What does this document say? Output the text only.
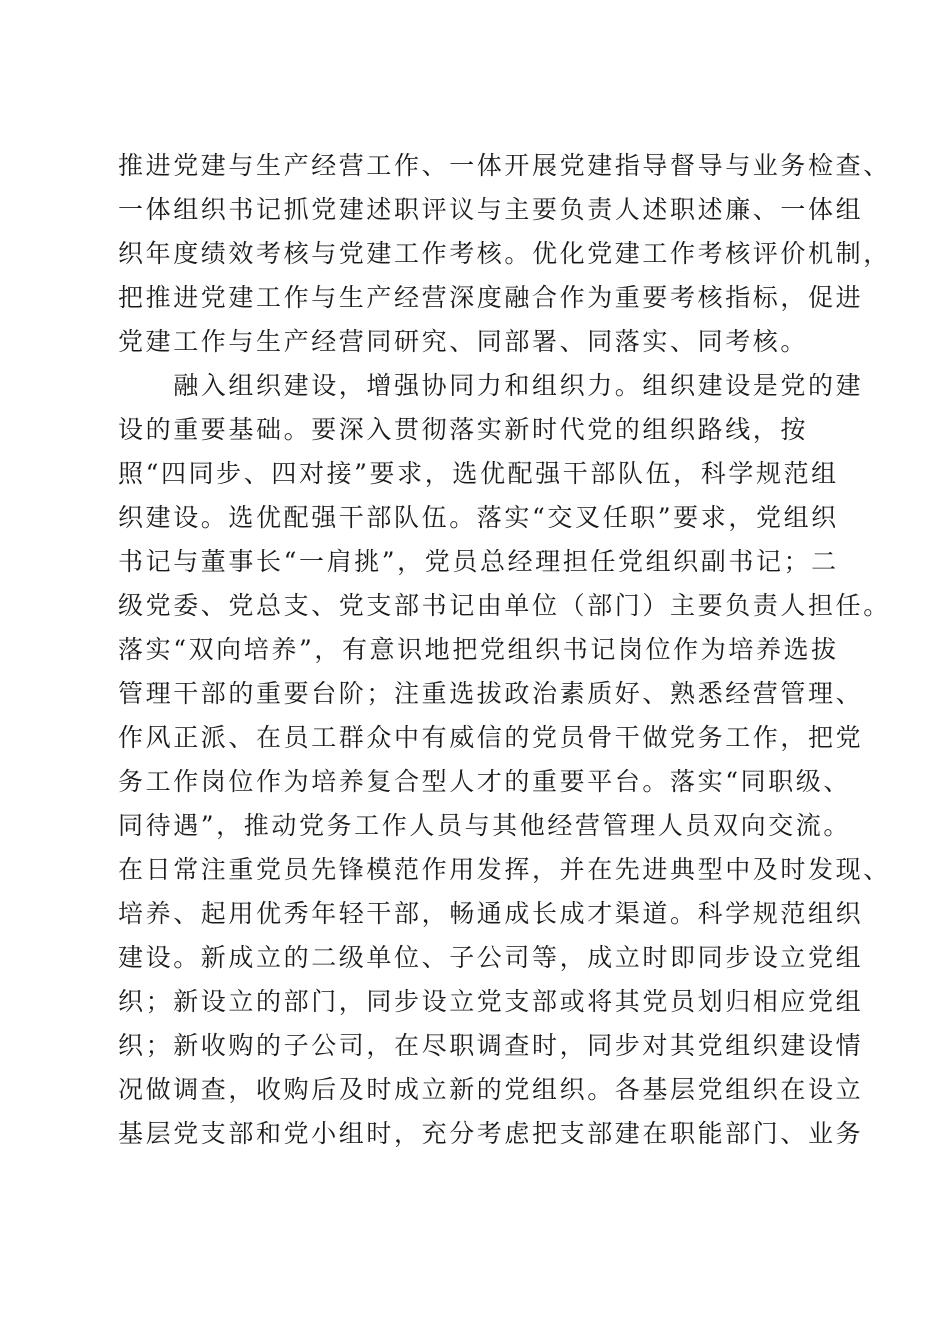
推进党建与生产经营工作、一体开展党建指导督导与业务检查、
一体组织书记抓党建述职评议与主要负责人述职述廉、一体组
织年度绩效考核与党建工作考核。优化党建工作考核评价机制，
把推进党建工作与生产经营深度融合作为重要考核指标，促进
党建工作与生产经营同研究、同部署、同落实、同考核。
　　融入组织建设，增强协同力和组织力。组织建设是党的建
设的重要基础。要深入贯彻落实新时代党的组织路线，按
照“四同步、四对接”要求，选优配强干部队伍，科学规范组
织建设。选优配强干部队伍。落实“交叉任职”要求，党组织
书记与董事长“一肩挑”，党员总经理担任党组织副书记；二
级党委、党总支、党支部书记由单位（部门）主要负责人担任。
落实“双向培养”，有意识地把党组织书记岗位作为培养选拔
管理干部的重要台阶；注重选拔政治素质好、熟悉经营管理、
作风正派、在员工群众中有威信的党员骨干做党务工作，把党
务工作岗位作为培养复合型人才的重要平台。落实“同职级、
同待遇”，推动党务工作人员与其他经营管理人员双向交流。
在日常注重党员先锋模范作用发挥，并在先进典型中及时发现、
培养、起用优秀年轻干部，畅通成长成才渠道。科学规范组织
建设。新成立的二级单位、子公司等，成立时即同步设立党组
织；新设立的部门，同步设立党支部或将其党员划归相应党组
织；新收购的子公司，在尽职调查时，同步对其党组织建设情
况做调查，收购后及时成立新的党组织。各基层党组织在设立
基层党支部和党小组时，充分考虑把支部建在职能部门、业务
